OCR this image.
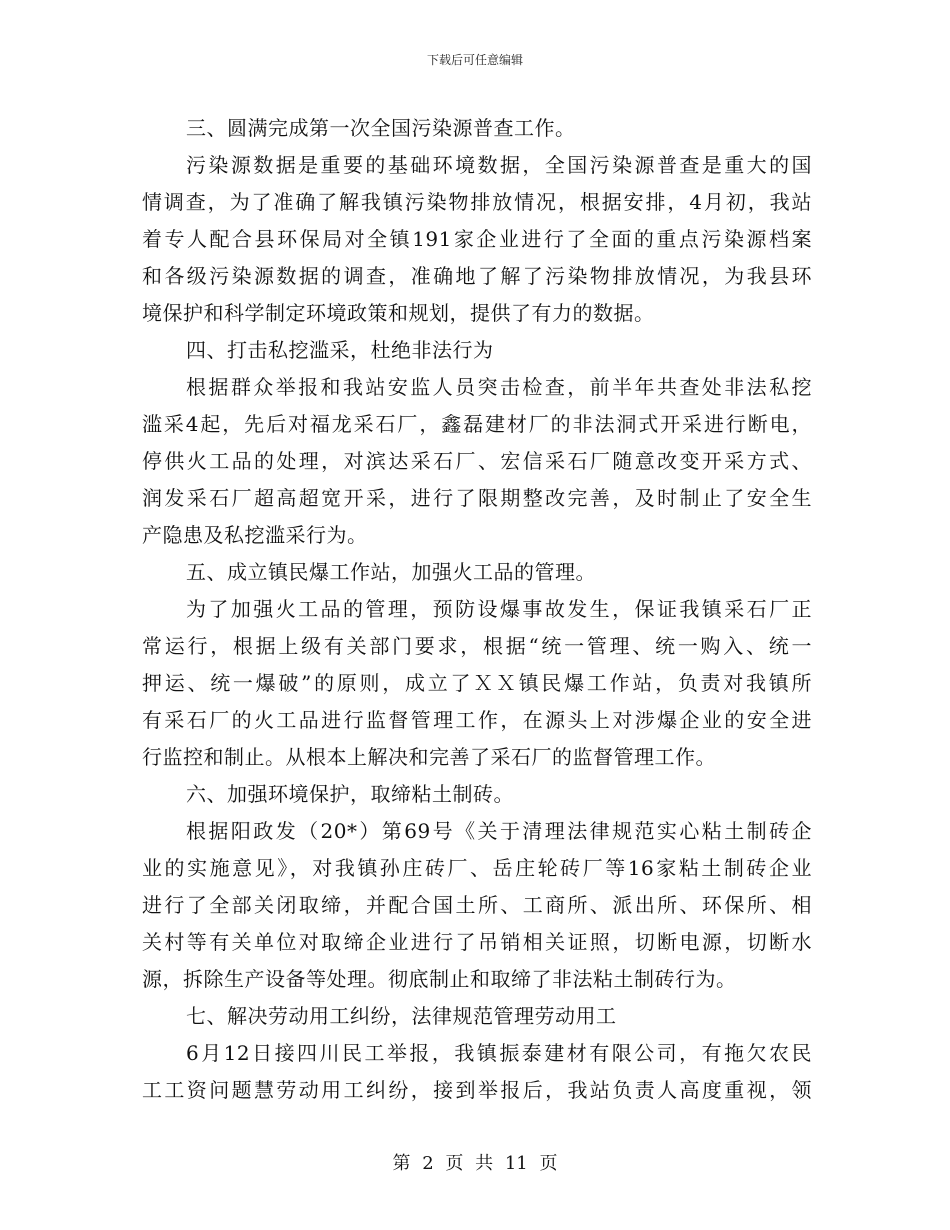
下载后可任意编辑
三、圆满完成第一次全国污染源普查工作。
污染源数据是重要的基础环境数据，全国污染源普查是重大的国
情调查，为了准确了解我镇污染物排放情况，根据安排，4月初，我站
着专人配合县环保局对全镇191家企业进行了全面的重点污染源档案
和各级污染源数据的调查，准确地了解了污染物排放情况，为我县环
境保护和科学制定环境政策和规划，提供了有力的数据。
四、打击私挖滥采，杜绝非法行为
根据群众举报和我站安监人员突击检查，前半年共查处非法私挖
滥采4起，先后对福龙采石厂，鑫磊建材厂的非法洞式开采进行断电，
停供火工品的处理，对滨达采石厂、宏信采石厂随意改变开采方式、
润发采石厂超高超宽开采，进行了限期整改完善，及时制止了安全生
产隐患及私挖滥采行为。
五、成立镇民爆工作站，加强火工品的管理。
为了加强火工品的管理，预防设爆事故发生，保证我镇采石厂正
常运行，根据上级有关部门要求，根据“统一管理、统一购入、统一
押运、统一爆破”的原则，成立了ＸＸ镇民爆工作站，负责对我镇所
有采石厂的火工品进行监督管理工作，在源头上对涉爆企业的安全进
行监控和制止。从根本上解决和完善了采石厂的监督管理工作。
六、加强环境保护，取缔粘土制砖。
根据阳政发（20*）第69号《关于清理法律规范实心粘土制砖企
业的实施意见》，对我镇孙庄砖厂、岳庄轮砖厂等16家粘土制砖企业
进行了全部关闭取缔，并配合国土所、工商所、派出所、环保所、相
关村等有关单位对取缔企业进行了吊销相关证照，切断电源，切断水
源，拆除生产设备等处理。彻底制止和取缔了非法粘土制砖行为。
七、解决劳动用工纠纷，法律规范管理劳动用工
6月12日接四川民工举报，我镇振泰建材有限公司，有拖欠农民
工工资问题慧劳动用工纠纷，接到举报后，我站负责人高度重视，领
第 2 页 共 11 页
